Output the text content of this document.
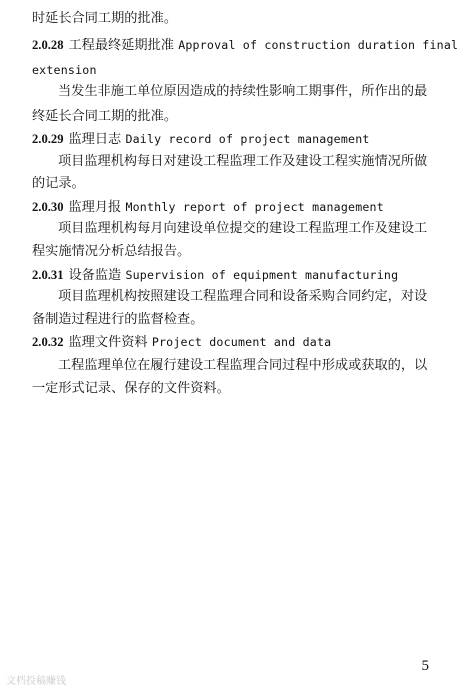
时延长合同工期的批准。
2.0.28 工程最终延期批准 Approval of construction duration final
extension
当发生非施工单位原因造成的持续性影响工期事件，所作出的最
终延长合同工期的批准。
2.0.29 监理日志 Daily record of project management
项目监理机构每日对建设工程监理工作及建设工程实施情况所做
的记录。
2.0.30 监理月报 Monthly report of project management
项目监理机构每月向建设单位提交的建设工程监理工作及建设工
程实施情况分析总结报告。
2.0.31 设备监造 Supervision of equipment manufacturing
项目监理机构按照建设工程监理合同和设备采购合同约定，对设
备制造过程进行的监督检查。
2.0.32 监理文件资料 Project document and data
工程监理单位在履行建设工程监理合同过程中形成或获取的，以
一定形式记录、保存的文件资料。
5
文档投稿赚钱
